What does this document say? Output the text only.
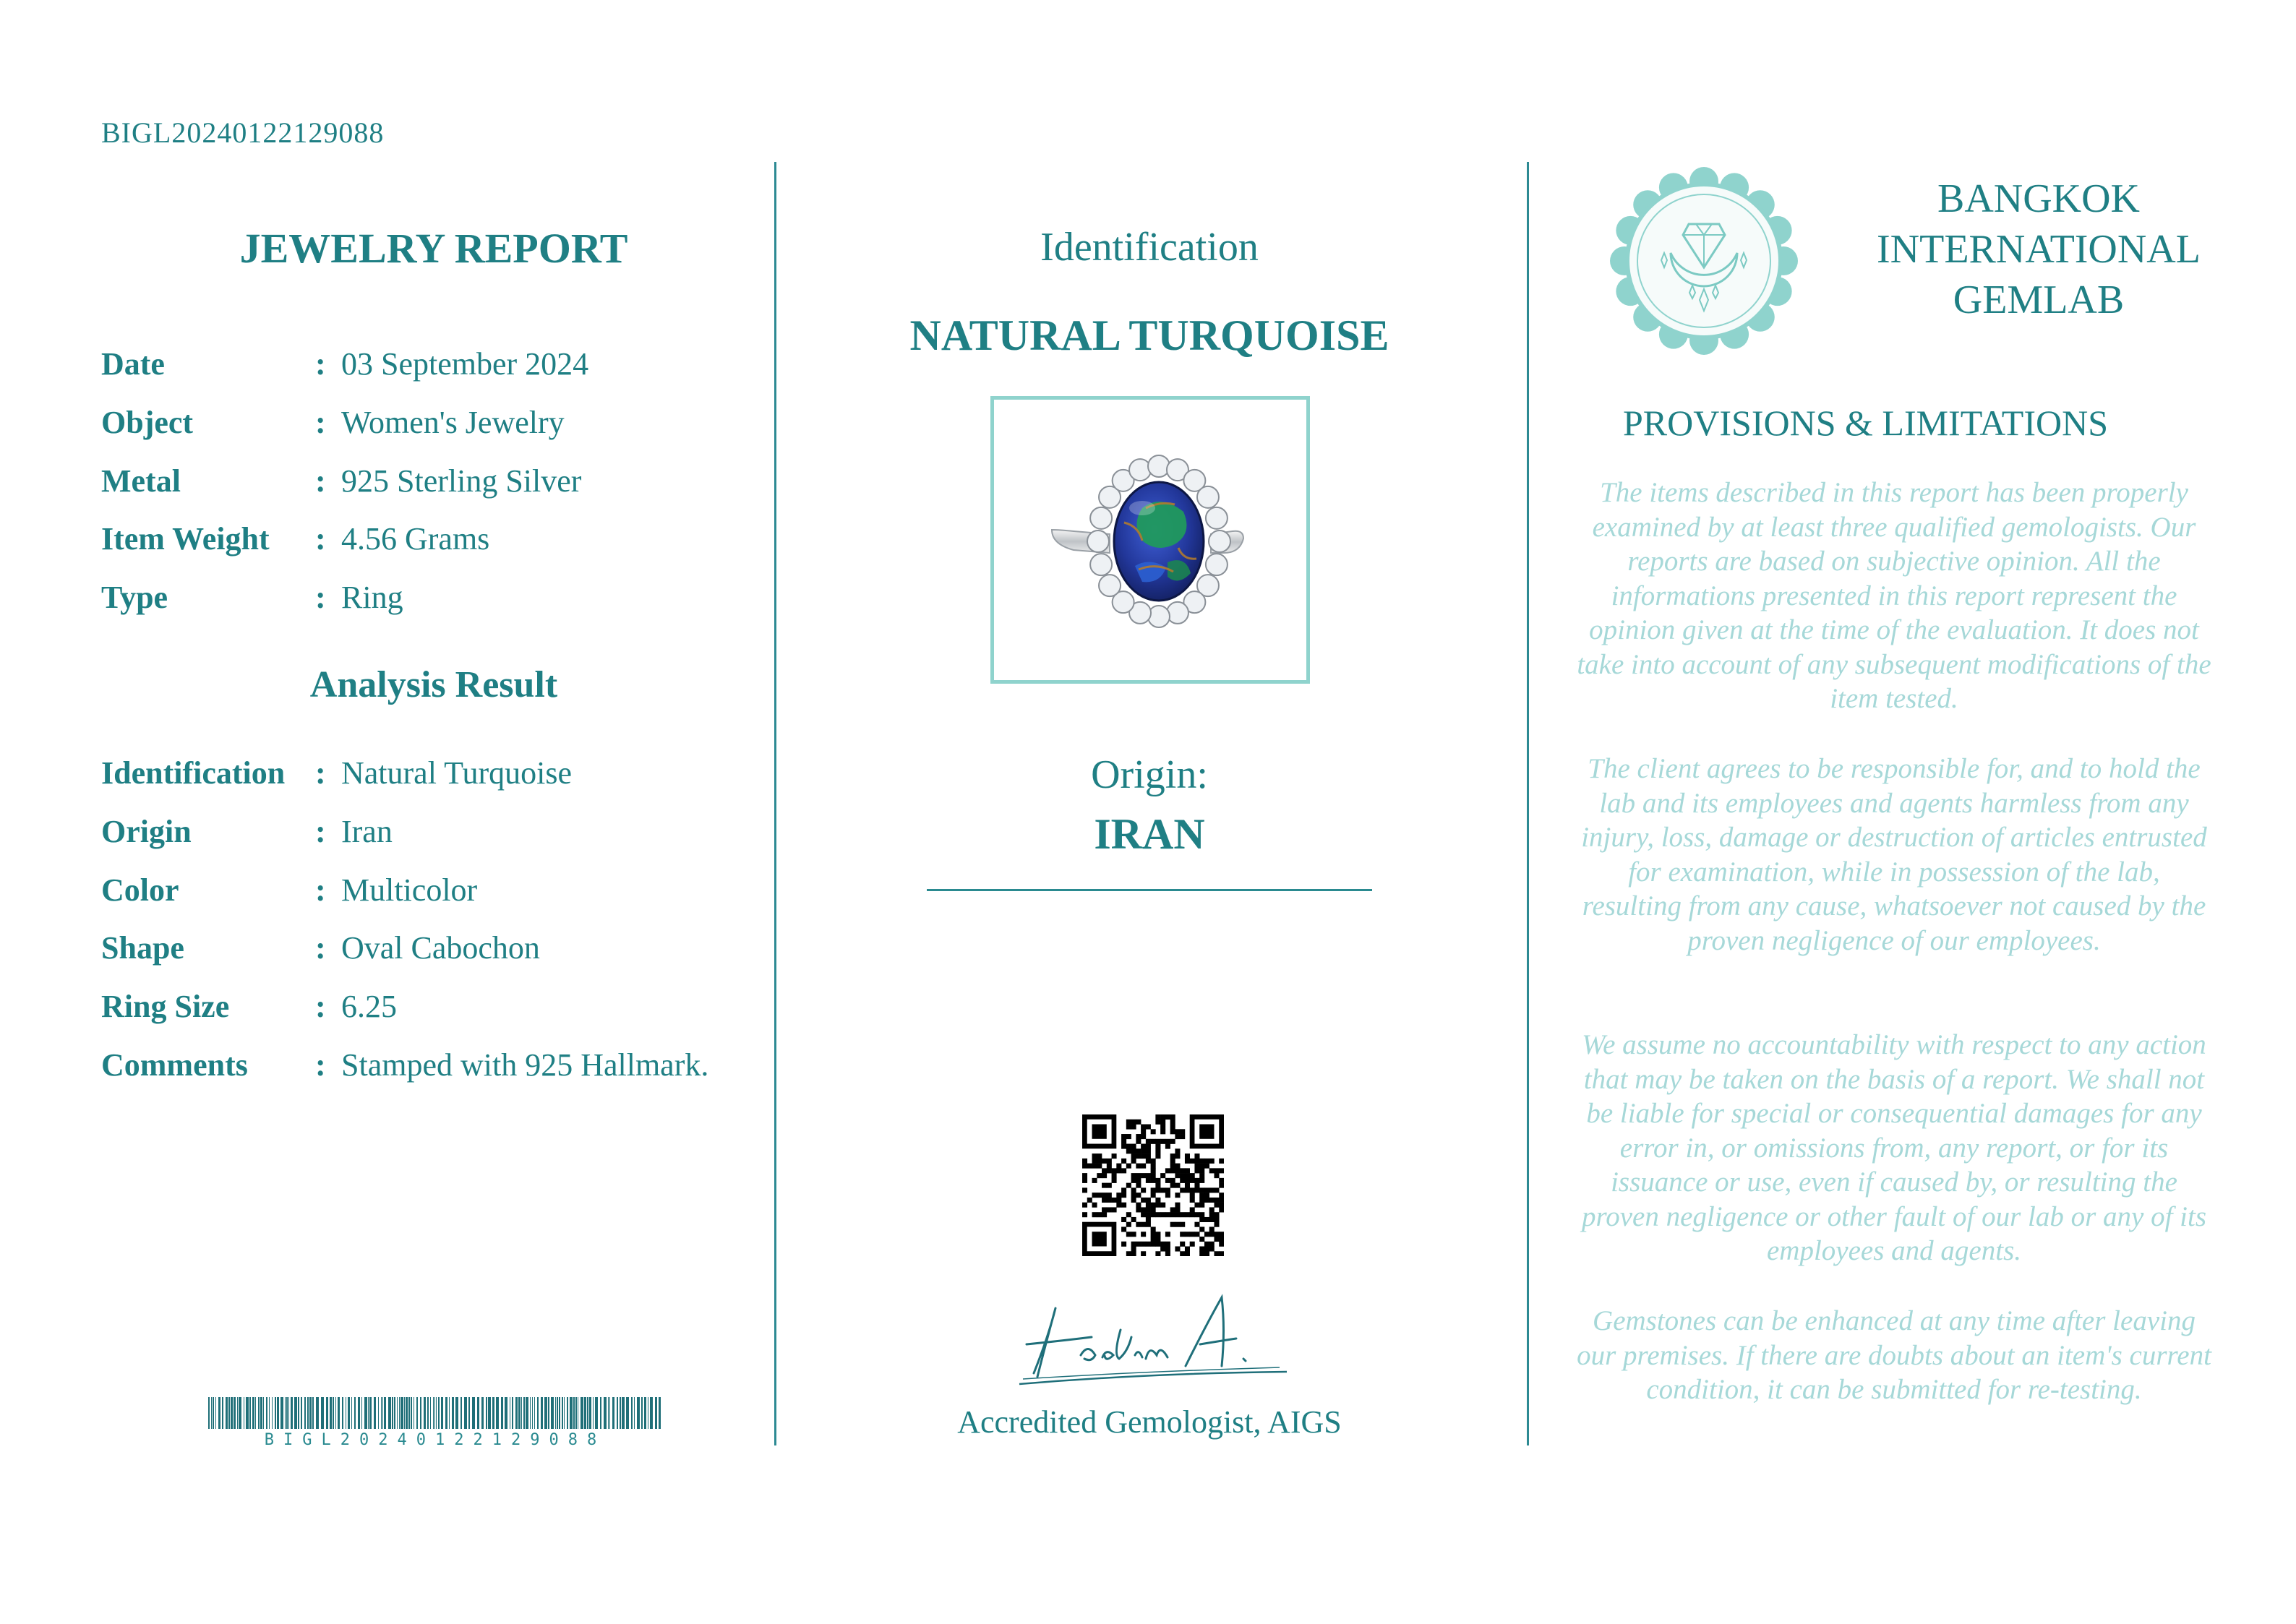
BIGL20240122129088
JEWELRY REPORT
Date	: 03 September 2024
Object	: Women's Jewelry
Metal	: 925 Sterling Silver
Item Weight : 4.56 Grams
Type	: Ring
Analysis Result
Identification : Natural Turquoise
Origin	: Iran
Color	: Multicolor
Shape	: Oval Cabochon
Ring Size	: 6.25
Comments : Stamped with 925 Hallmark.
BIGL20240122129088
Identification
NATURAL TURQUOISE
Origin:
IRAN
Accredited Gemologist, AIGS
BANGKOK
INTERNATIONAL
GEMLAB
PROVISIONS & LIMITATIONS
The items described in this report has been properly examined by at least three qualified gemologists. Our reports are based on subjective opinion. All the informations presented in this report represent the opinion given at the time of the evaluation. It does not take into account of any subsequent modifications of the item tested.
The client agrees to be responsible for, and to hold the lab and its employees and agents harmless from any injury, loss, damage or destruction of articles entrusted for examination, while in possession of the lab, resulting from any cause, whatsoever not caused by the proven negligence of our employees.
We assume no accountability with respect to any action that may be taken on the basis of a report. We shall not be liable for special or consequential damages for any error in, or omissions from, any report, or for its issuance or use, even if caused by, or resulting the proven negligence or other fault of our lab or any of its employees and agents.
Gemstones can be enhanced at any time after leaving our premises. If there are doubts about an item's current condition, it can be submitted for re-testing.
